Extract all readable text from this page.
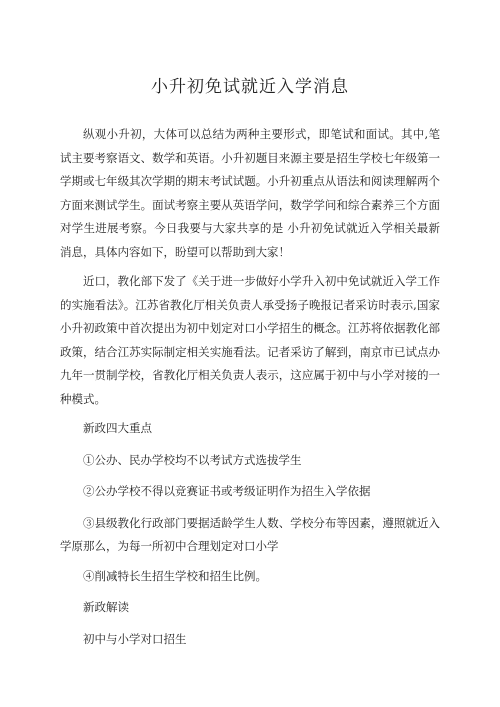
小升初免试就近入学消息

纵观小升初，大体可以总结为两种主要形式，即笔试和面试。其中,笔试主要考察语文、数学和英语。小升初题目来源主要是招生学校七年级第一学期或七年级其次学期的期末考试试题。小升初重点从语法和阅读理解两个方面来测试学生。面试考察主要从英语学问，数学学问和综合素养三个方面对学生进展考察。今日我要与大家共享的是 小升初免试就近入学相关最新消息，具体内容如下，盼望可以帮助到大家！

近口，教化部下发了《关于进一步做好小学升入初中免试就近入学工作的实施看法》。江苏省教化厅相关负责人承受扬子晚报记者采访时表示,国家小升初政策中首次提出为初中划定对口小学招生的概念。江苏将依据教化部政策，结合江苏实际制定相关实施看法。记者采访了解到，南京市已试点办九年一贯制学校，省教化厅相关负责人表示，这应属于初中与小学对接的一种模式。

新政四大重点

①公办、民办学校均不以考试方式选拔学生

②公办学校不得以竞赛证书或考级证明作为招生入学依据

③县级教化行政部门要据适龄学生人数、学校分布等因素，遵照就近入学原那么，为每一所初中合理划定对口小学

④削减特长生招生学校和招生比例。

新政解读

初中与小学对口招生
